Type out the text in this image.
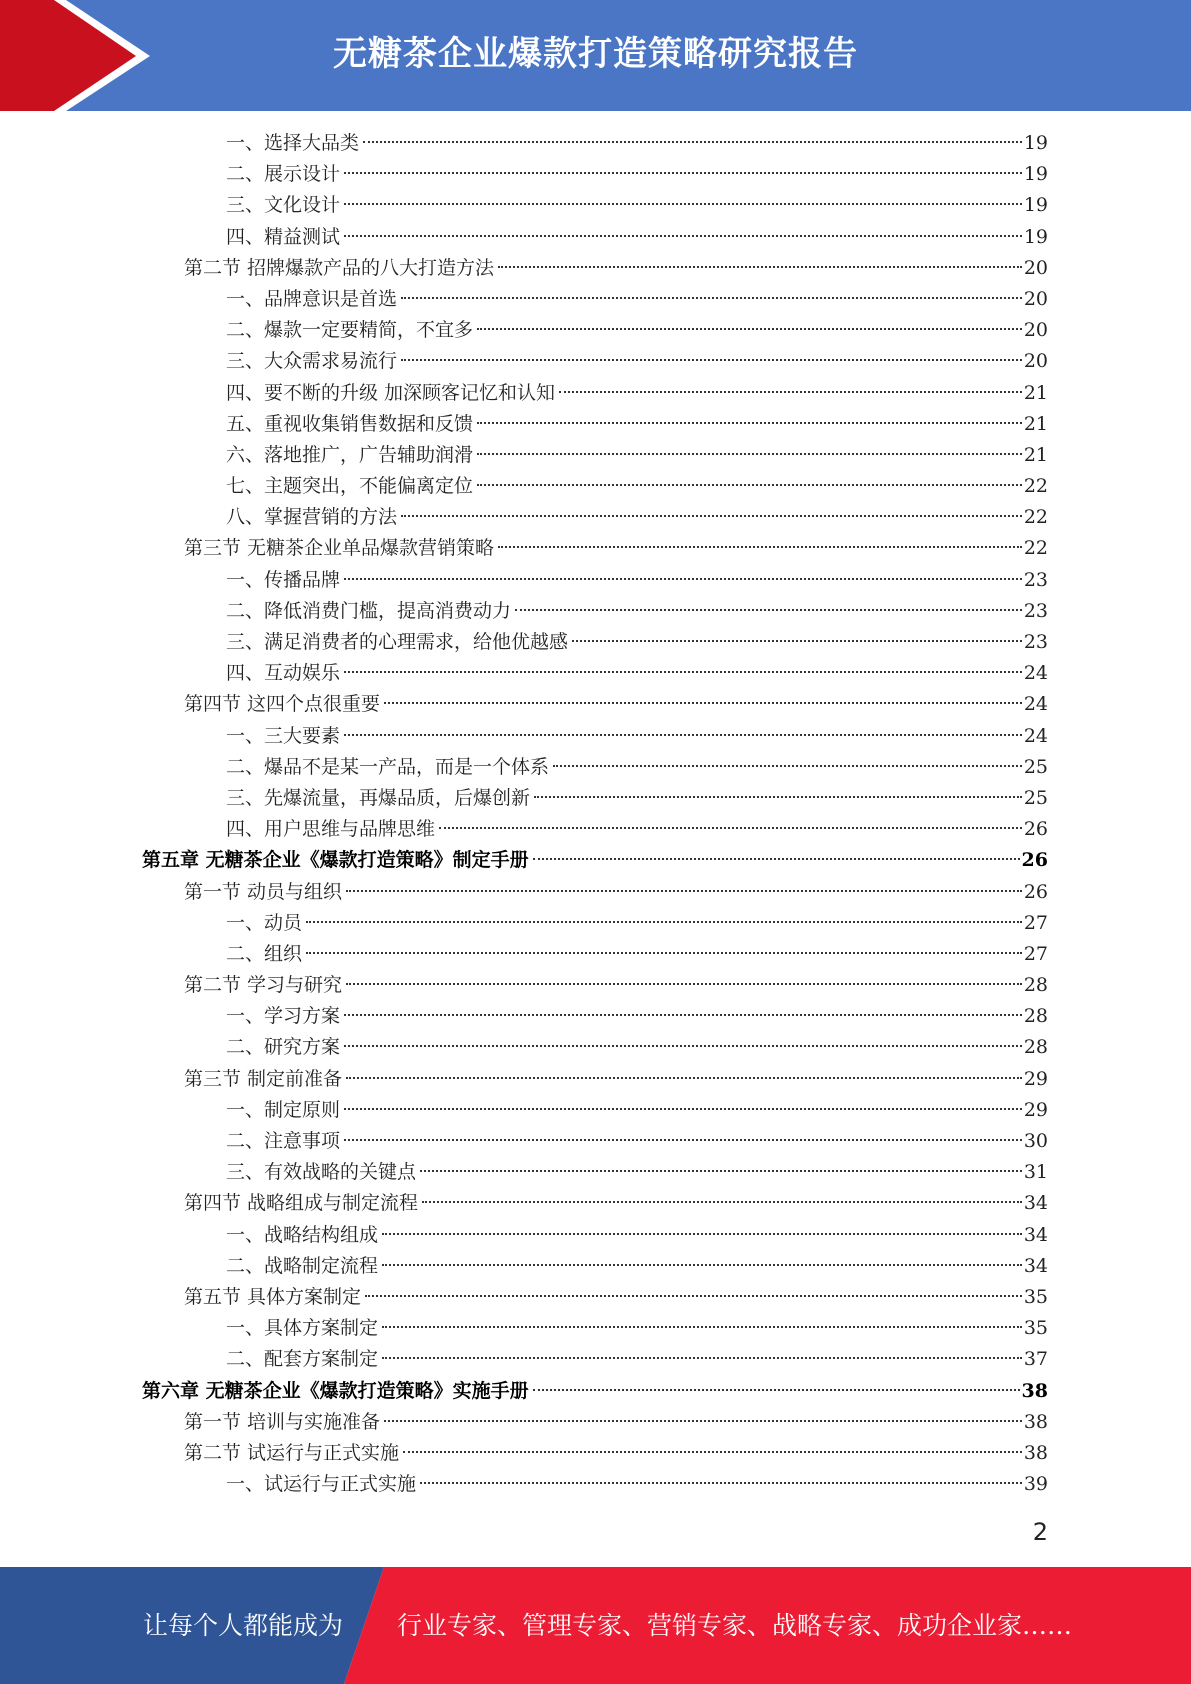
无糖茶企业爆款打造策略研究报告
一、选择大品类	19
二、展示设计	19
三、文化设计	19
四、精益测试	19
第二节 招牌爆款产品的八大打造方法	20
一、品牌意识是首选	20
二、爆款一定要精简，不宜多	20
三、大众需求易流行	20
四、要不断的升级 加深顾客记忆和认知	21
五、重视收集销售数据和反馈	21
六、落地推广，广告辅助润滑	21
七、主题突出，不能偏离定位	22
八、掌握营销的方法	22
第三节 无糖茶企业单品爆款营销策略	22
一、传播品牌	23
二、降低消费门槛，提高消费动力	23
三、满足消费者的心理需求，给他优越感	23
四、互动娱乐	24
第四节 这四个点很重要	24
一、三大要素	24
二、爆品不是某一产品，而是一个体系	25
三、先爆流量，再爆品质，后爆创新	25
四、用户思维与品牌思维	26
第五章 无糖茶企业《爆款打造策略》制定手册	26
第一节 动员与组织	26
一、动员	27
二、组织	27
第二节 学习与研究	28
一、学习方案	28
二、研究方案	28
第三节 制定前准备	29
一、制定原则	29
二、注意事项	30
三、有效战略的关键点	31
第四节 战略组成与制定流程	34
一、战略结构组成	34
二、战略制定流程	34
第五节 具体方案制定	35
一、具体方案制定	35
二、配套方案制定	37
第六章 无糖茶企业《爆款打造策略》实施手册	38
第一节 培训与实施准备	38
第二节 试运行与正式实施	38
一、试运行与正式实施	39
2
让每个人都能成为 行业专家、管理专家、营销专家、战略专家、成功企业家……
